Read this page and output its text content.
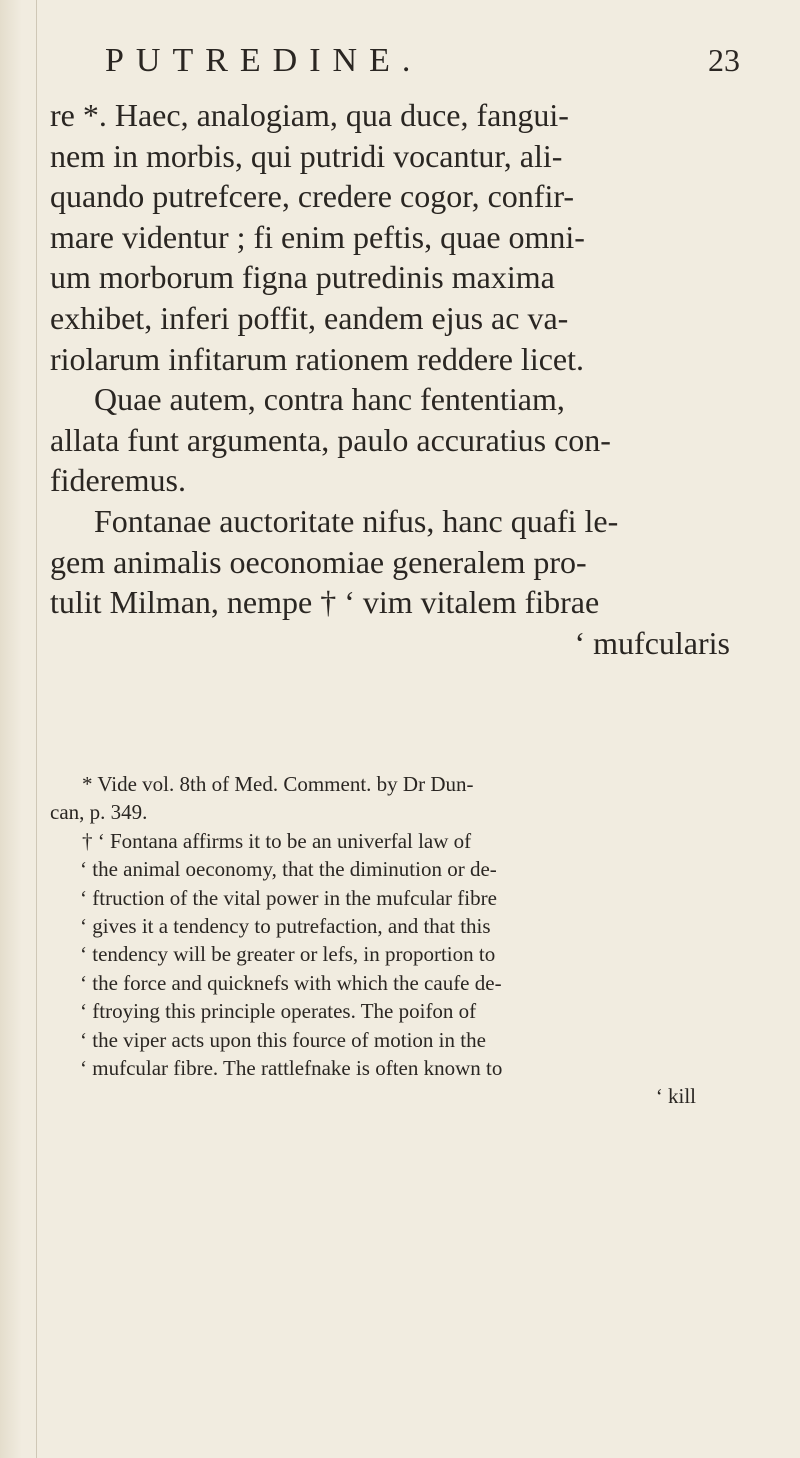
PUTREDINE.	23
re *. Haec, analogiam, qua duce, fangui-
nem in morbis, qui putridi vocantur, ali-
quando putrefcere, credere cogor, confir-
mare videntur ; fi enim peftis, quae omni-
um morborum figna putredinis maxima
exhibet, inferi poffit, eandem ejus ac va-
riolarum infitarum rationem reddere licet.
Quae autem, contra hanc fententiam,
allata funt argumenta, paulo accuratius con-
fideremus.
Fontanae auctoritate nifus, hanc quafi le-
gem animalis oeconomiae generalem pro-
tulit Milman, nempe † ‘ vim vitalem fibrae
‘ mufcularis
* Vide vol. 8th of Med. Comment. by Dr Dun-
can, p. 349.
† ‘ Fontana affirms it to be an univerfal law of
‘ the animal oeconomy, that the diminution or de-
‘ ftruction of the vital power in the mufcular fibre
‘ gives it a tendency to putrefaction, and that this
‘ tendency will be greater or lefs, in proportion to
‘ the force and quicknefs with which the caufe de-
‘ ftroying this principle operates. The poifon of
‘ the viper acts upon this fource of motion in the
‘ mufcular fibre. The rattlefnake is often known to
‘ kill
